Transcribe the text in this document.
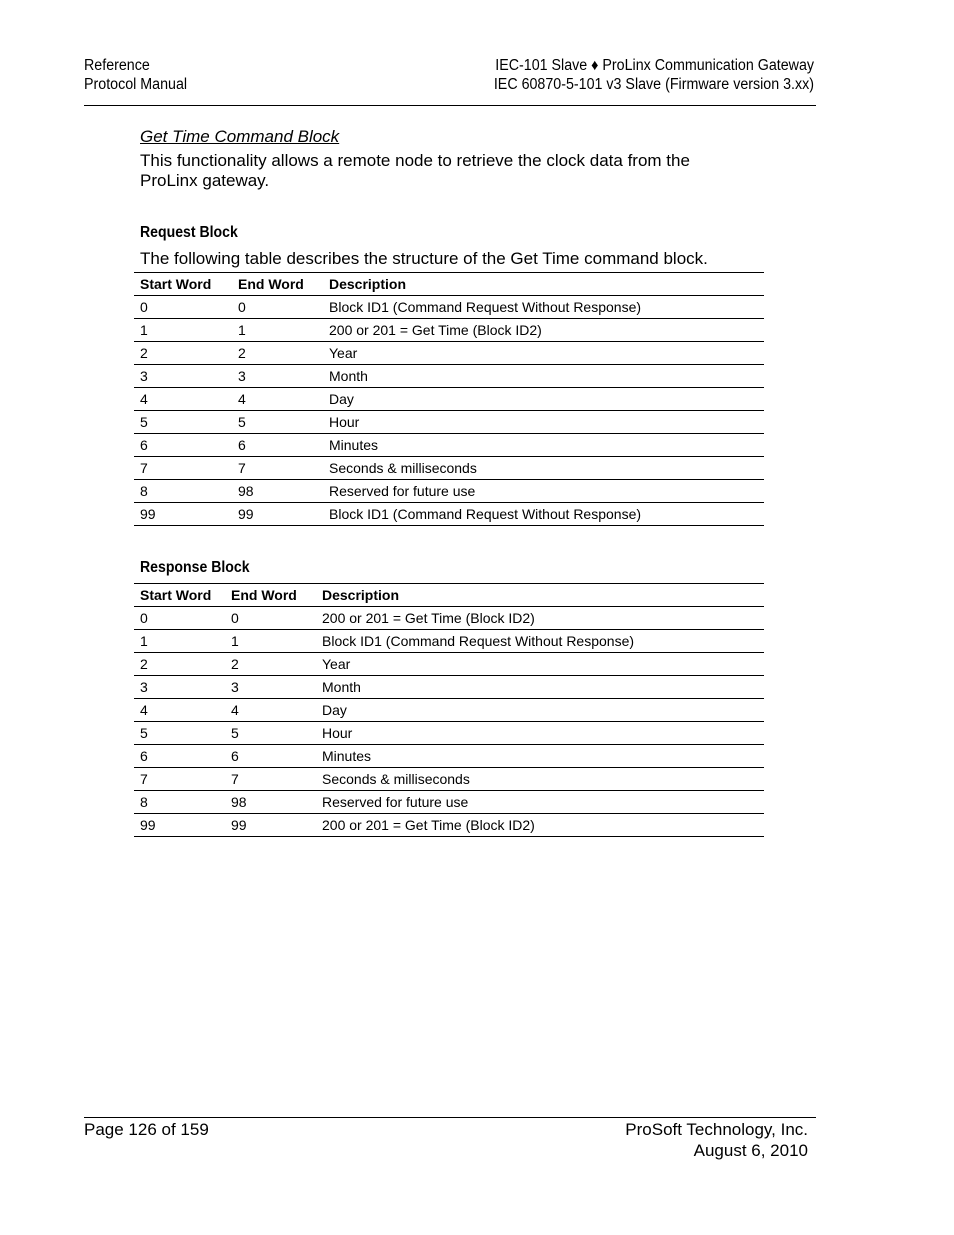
Reference
Protocol Manual
IEC-101 Slave ♦ ProLinx Communication Gateway
IEC 60870-5-101 v3 Slave (Firmware version 3.xx)
Get Time Command Block
This functionality allows a remote node to retrieve the clock data from the ProLinx gateway.
Request Block
The following table describes the structure of the Get Time command block.
Start Word	End Word	Description
0	0	Block ID1 (Command Request Without Response)
1	1	200 or 201 = Get Time (Block ID2)
2	2	Year
3	3	Month
4	4	Day
5	5	Hour
6	6	Minutes
7	7	Seconds & milliseconds
8	98	Reserved for future use
99	99	Block ID1 (Command Request Without Response)
Response Block
Start Word	End Word	Description
0	0	200 or 201 = Get Time (Block ID2)
1	1	Block ID1 (Command Request Without Response)
2	2	Year
3	3	Month
4	4	Day
5	5	Hour
6	6	Minutes
7	7	Seconds & milliseconds
8	98	Reserved for future use
99	99	200 or 201 = Get Time (Block ID2)
Page 126 of 159	ProSoft Technology, Inc.
August 6, 2010
